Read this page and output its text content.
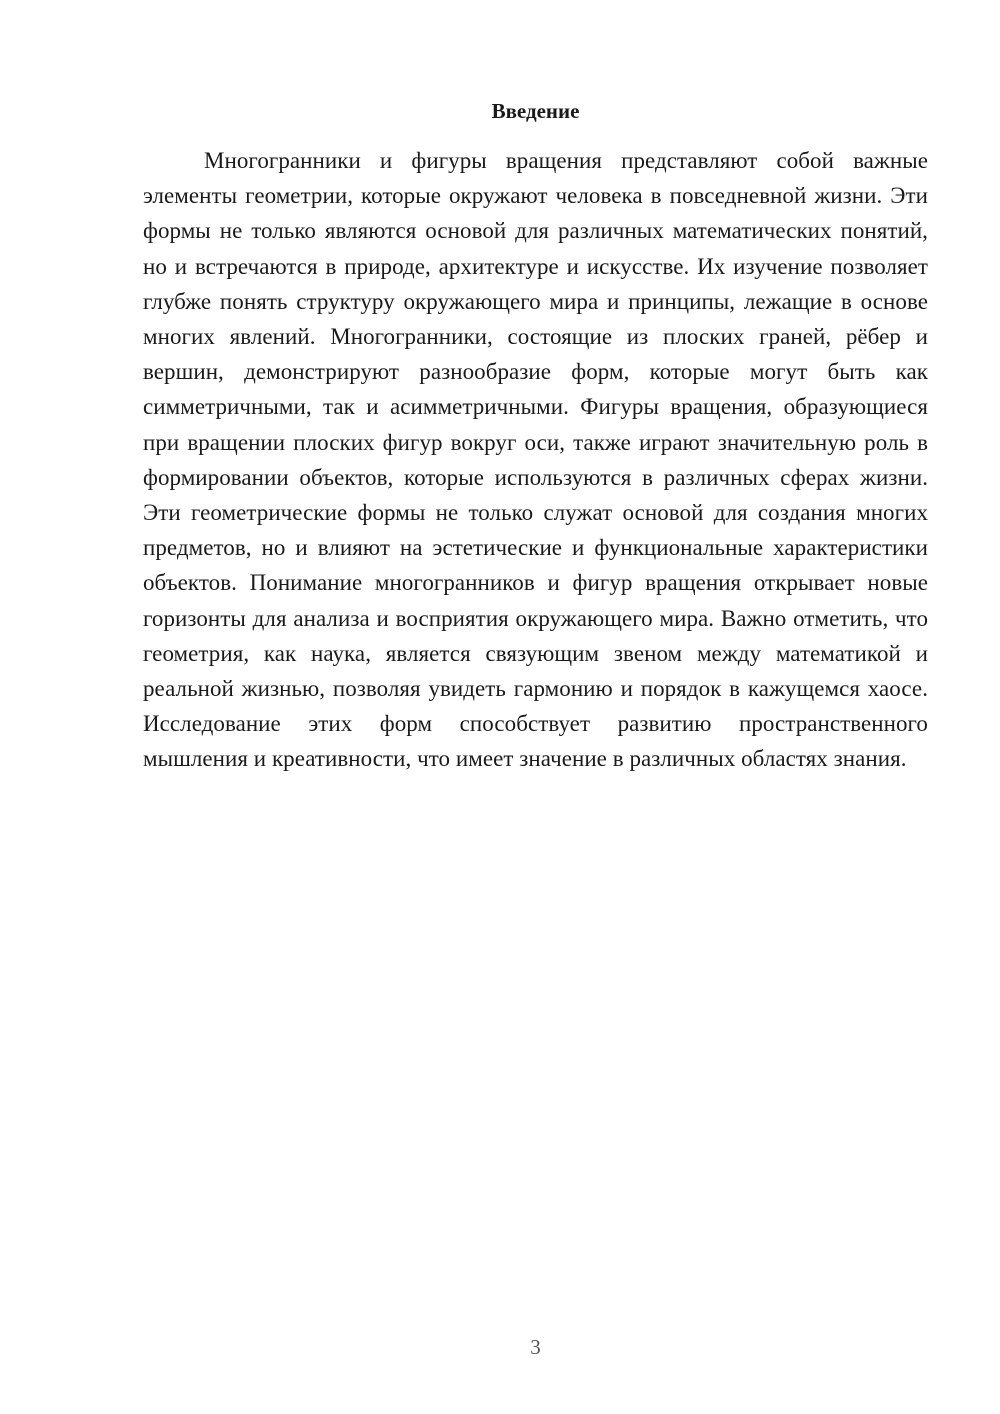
Введение

Многогранники и фигуры вращения представляют собой важные элементы геометрии, которые окружают человека в повседневной жизни. Эти формы не только являются основой для различных математических понятий, но и встречаются в природе, архитектуре и искусстве. Их изучение позволяет глубже понять структуру окружающего мира и принципы, лежащие в основе многих явлений. Многогранники, состоящие из плоских граней, рёбер и вершин, демонстрируют разнообразие форм, которые могут быть как симметричными, так и асимметричными. Фигуры вращения, образующиеся при вращении плоских фигур вокруг оси, также играют значительную роль в формировании объектов, которые используются в различных сферах жизни. Эти геометрические формы не только служат основой для создания многих предметов, но и влияют на эстетические и функциональные характеристики объектов. Понимание многогранников и фигур вращения открывает новые горизонты для анализа и восприятия окружающего мира. Важно отметить, что геометрия, как наука, является связующим звеном между математикой и реальной жизнью, позволяя увидеть гармонию и порядок в кажущемся хаосе. Исследование этих форм способствует развитию пространственного мышления и креативности, что имеет значение в различных областях знания.

3
